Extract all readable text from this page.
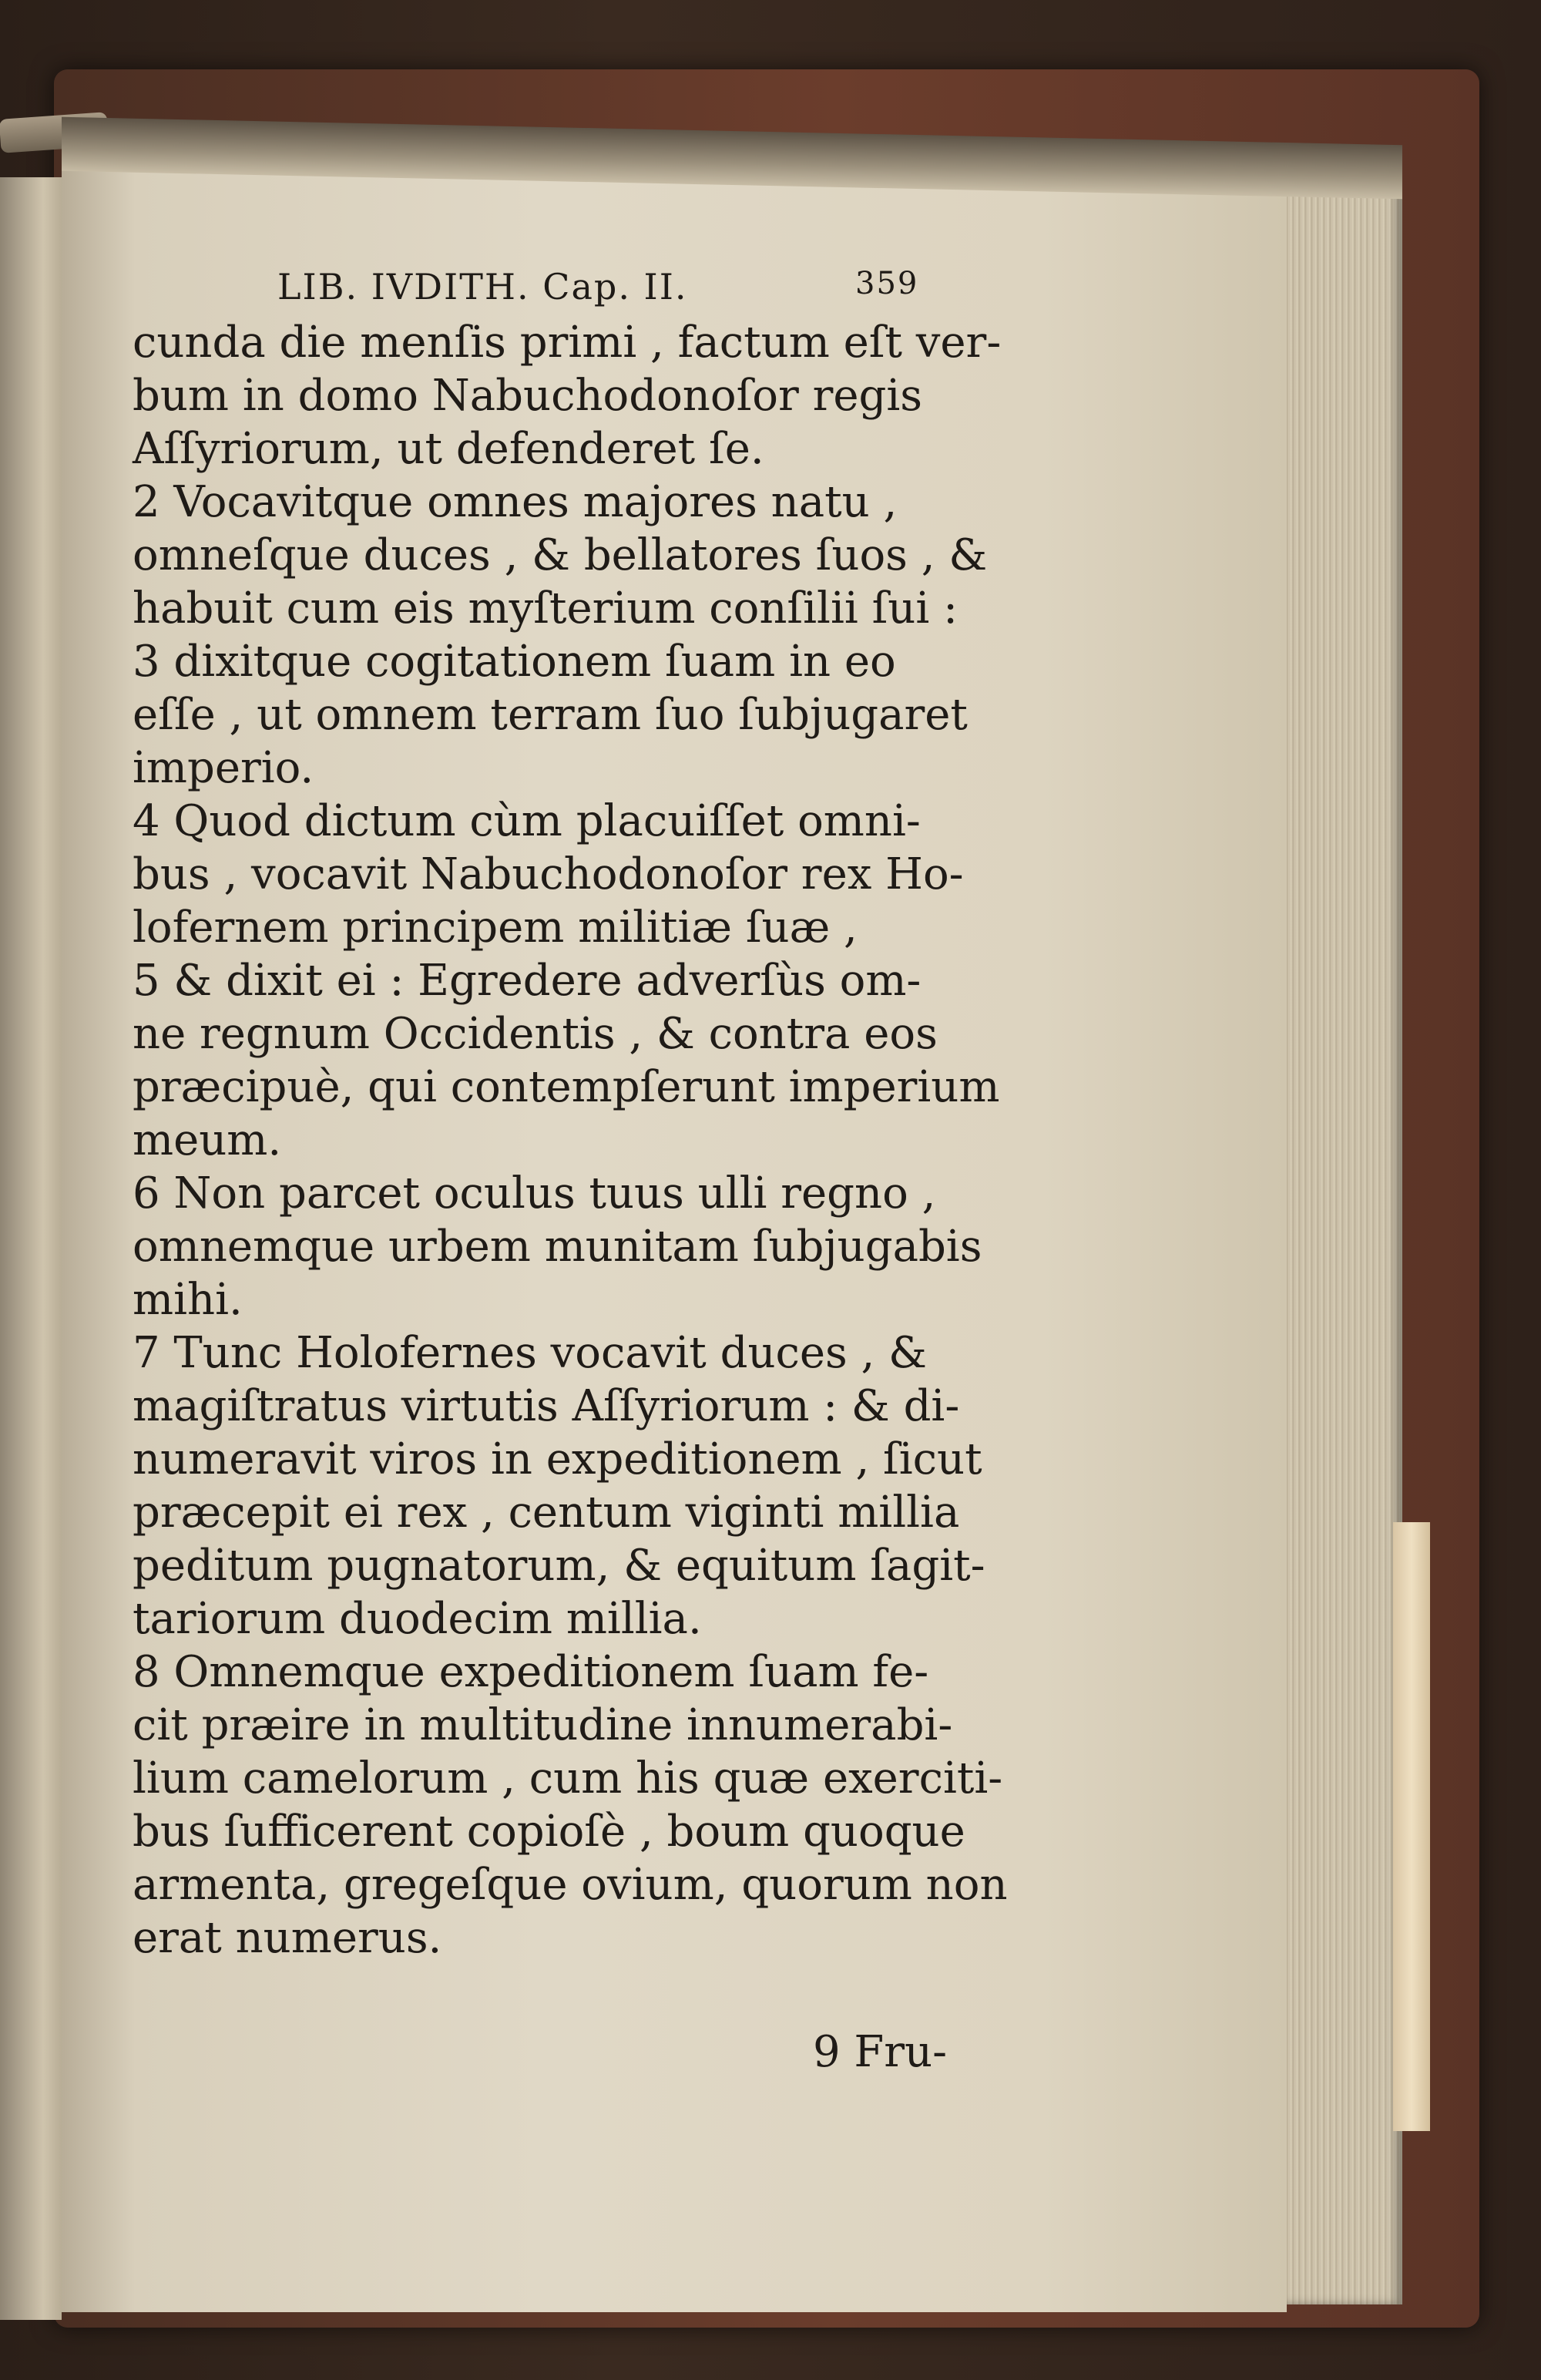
LIB. IVDITH. Cap. II.	359
cunda die menſis primi , factum eſt ver-
bum in domo Nabuchodonoſor regis
Aſſyriorum, ut defenderet ſe.
2 Vocavitque omnes majores natu ,
omneſque duces , & bellatores ſuos , &
habuit cum eis myſterium conſilii ſui :
3 dixitque cogitationem ſuam in eo
eſſe , ut omnem terram ſuo ſubjugaret
imperio.
4 Quod dictum cùm placuiſſet omni-
bus , vocavit Nabuchodonoſor rex Ho-
lofernem principem militiæ ſuæ ,
5 & dixit ei : Egredere adverſùs om-
ne regnum Occidentis , & contra eos
præcipuè, qui contempſerunt imperium
meum.
6 Non parcet oculus tuus ulli regno ,
omnemque urbem munitam ſubjugabis
mihi.
7 Tunc Holofernes vocavit duces , &
magiſtratus virtutis Aſſyriorum : & di-
numeravit viros in expeditionem , ſicut
præcepit ei rex , centum viginti millia
peditum pugnatorum, & equitum ſagit-
tariorum duodecim millia.
8 Omnemque expeditionem ſuam fe-
cit præire in multitudine innumerabi-
lium camelorum , cum his quæ exerciti-
bus ſufficerent copioſè , boum quoque
armenta, gregeſque ovium, quorum non
erat numerus.
9 Fru-
